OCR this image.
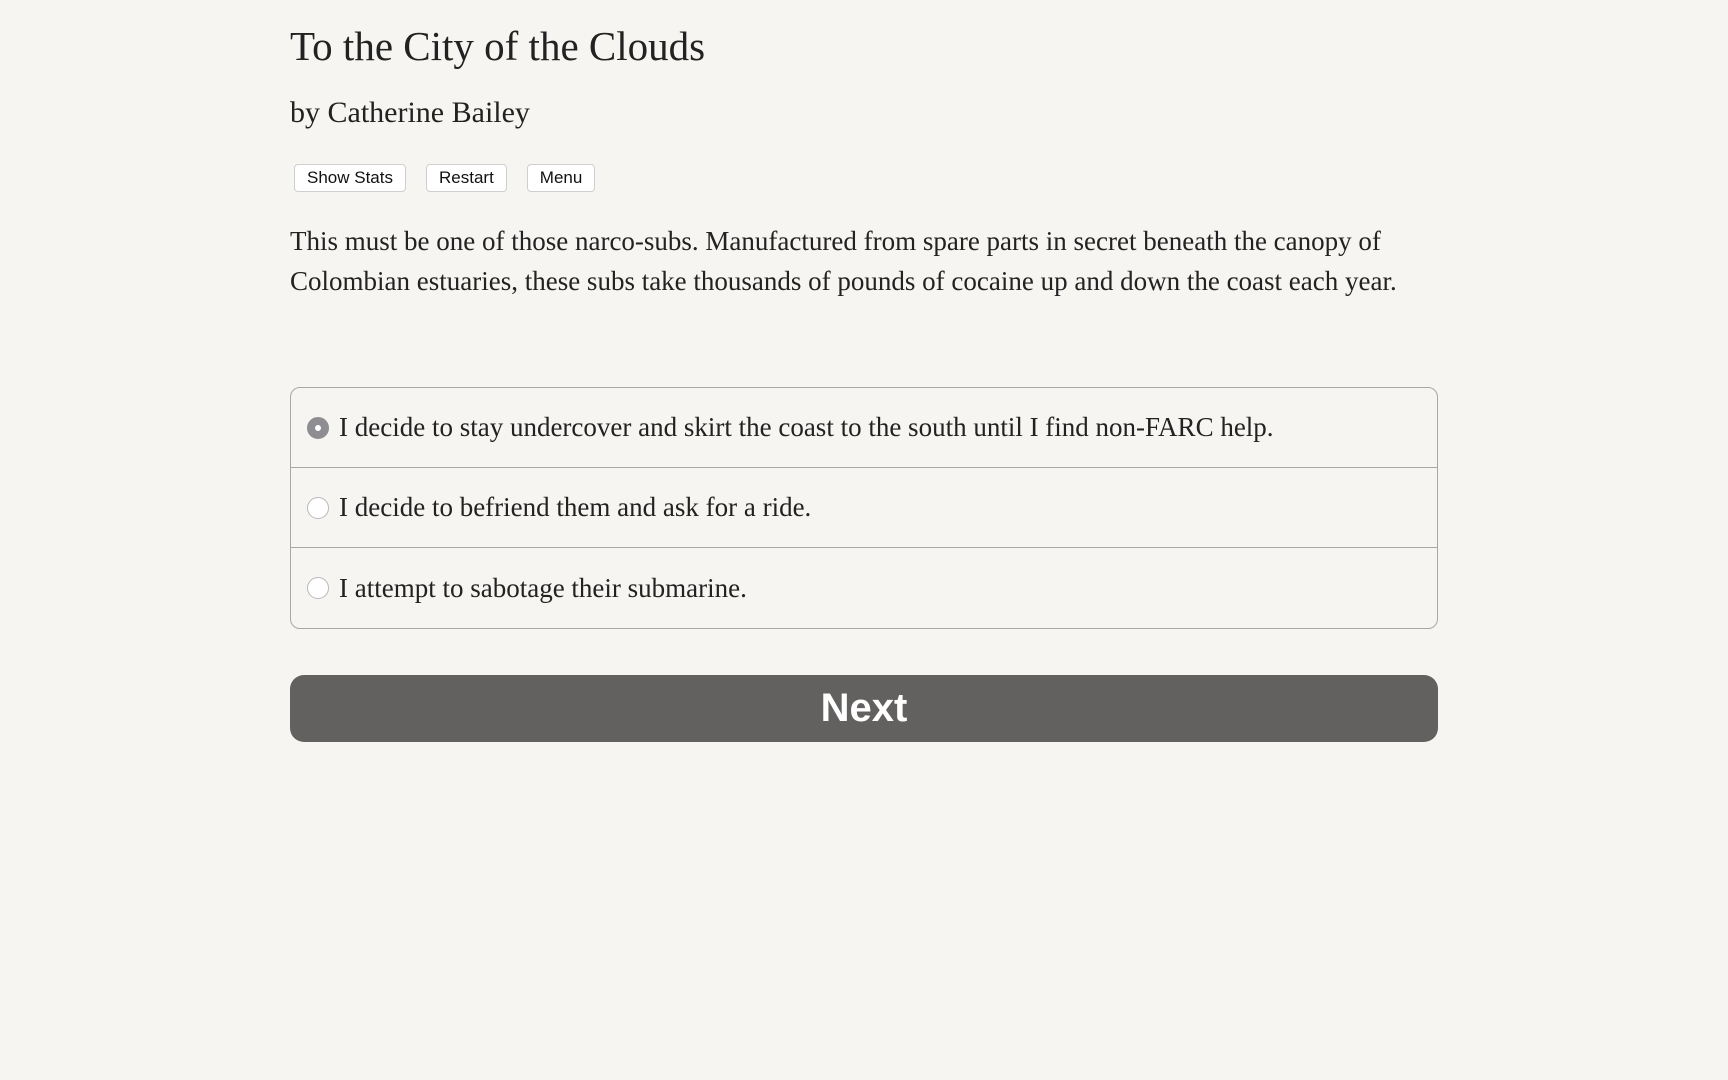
To the City of the Clouds
by Catherine Bailey
Show Stats	Restart	Menu
This must be one of those narco-subs. Manufactured from spare parts in secret beneath the canopy of Colombian estuaries, these subs take thousands of pounds of cocaine up and down the coast each year.
I decide to stay undercover and skirt the coast to the south until I find non-FARC help.
I decide to befriend them and ask for a ride.
I attempt to sabotage their submarine.
Next
